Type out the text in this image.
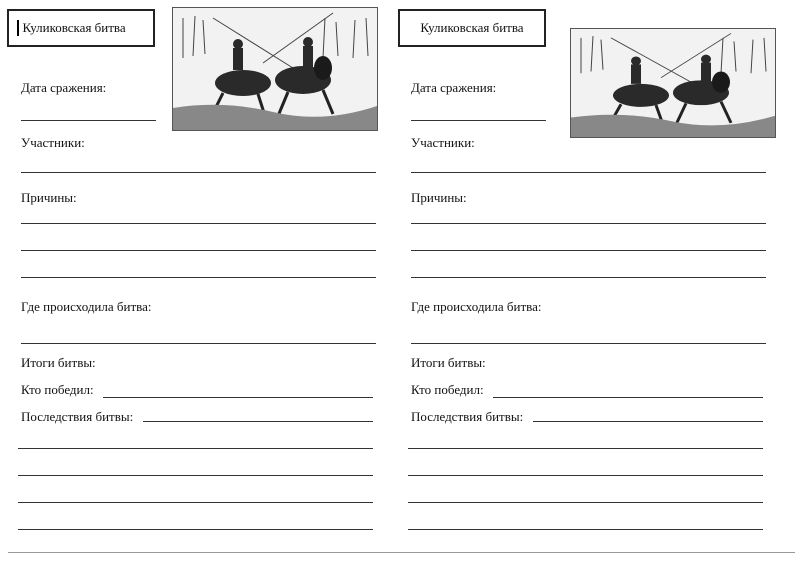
Куликовская битва
Дата сражения:
Участники:
Причины:
Где происходила битва:
Итоги битвы:
Кто победил:
Последствия битвы:
Куликовская битва
Дата сражения:
Участники:
Причины:
Где происходила битва:
Итоги битвы:
Кто победил:
Последствия битвы:
